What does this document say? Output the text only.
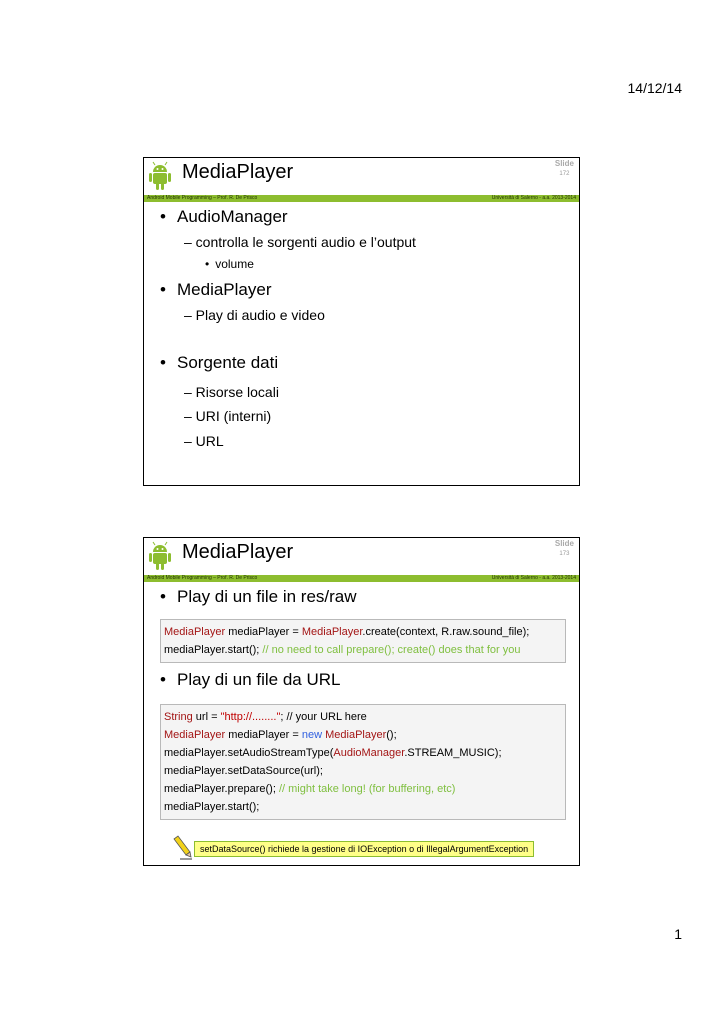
14/12/14
MediaPlayer	Slide
172
Android Mobile Programming – Prof. R. De Prisco	Università di Salerno - a.a. 2013-2014
• AudioManager
– controlla le sorgenti audio e l’output
• volume
• MediaPlayer
– Play di audio e video
• Sorgente dati
– Risorse locali
– URI (interni)
– URL
MediaPlayer	Slide
173
Android Mobile Programming – Prof. R. De Prisco	Università di Salerno - a.a. 2013-2014
• Play di un file in res/raw
MediaPlayer mediaPlayer = MediaPlayer.create(context, R.raw.sound_file);
mediaPlayer.start(); // no need to call prepare(); create() does that for you
• Play di un file da URL
String url = "http://........"; // your URL here
MediaPlayer mediaPlayer = new MediaPlayer();
mediaPlayer.setAudioStreamType(AudioManager.STREAM_MUSIC);
mediaPlayer.setDataSource(url);
mediaPlayer.prepare(); // might take long! (for buffering, etc)
mediaPlayer.start();
setDataSource() richiede la gestione di IOException o di IllegalArgumentException
1
